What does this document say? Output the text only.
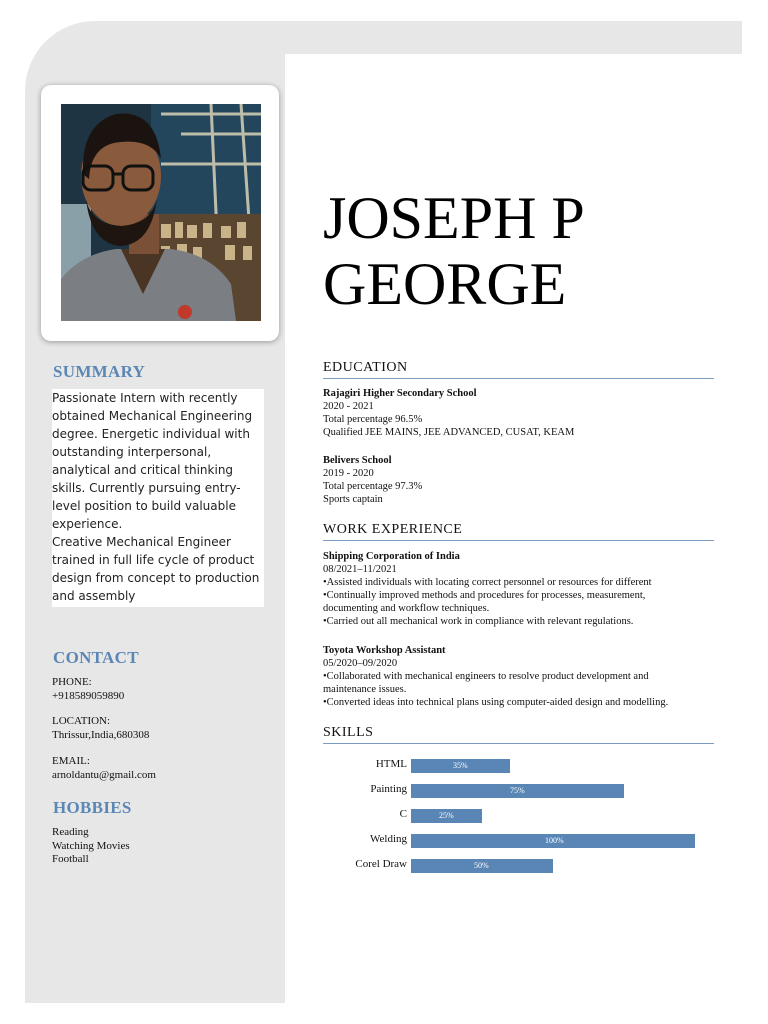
JOSEPH P
GEORGE
SUMMARY

Passionate Intern with recently obtained Mechanical Engineering degree. Energetic individual with outstanding interpersonal, analytical and critical thinking skills. Currently pursuing entry-level position to build valuable experience.

Creative Mechanical Engineer trained in full life cycle of product design from concept to production and assembly

CONTACT
PHONE:
+918589059890
LOCATION:
Thrissur,India,680308
EMAIL:
arnoldantu@gmail.com
HOBBIES
Reading
Watching Movies
Football
EDUCATION
Rajagiri Higher Secondary School
2020 - 2021
Total percentage 96.5%
Qualified JEE MAINS, JEE ADVANCED, CUSAT, KEAM
Belivers School
2019 - 2020
Total percentage 97.3%
Sports captain
WORK EXPERIENCE
Shipping Corporation of India
08/2021–11/2021
•Assisted individuals with locating correct personnel or resources for different
•Continually improved methods and procedures for processes, measurement,
documenting and workflow techniques.
•Carried out all mechanical work in compliance with relevant regulations.
Toyota Workshop Assistant
05/2020–09/2020
•Collaborated with mechanical engineers to resolve product development and
maintenance issues.
•Converted ideas into technical plans using computer-aided design and modelling.
SKILLS
HTML	35%
Painting	75%
C	25%
Welding	100%
Corel Draw	50%
